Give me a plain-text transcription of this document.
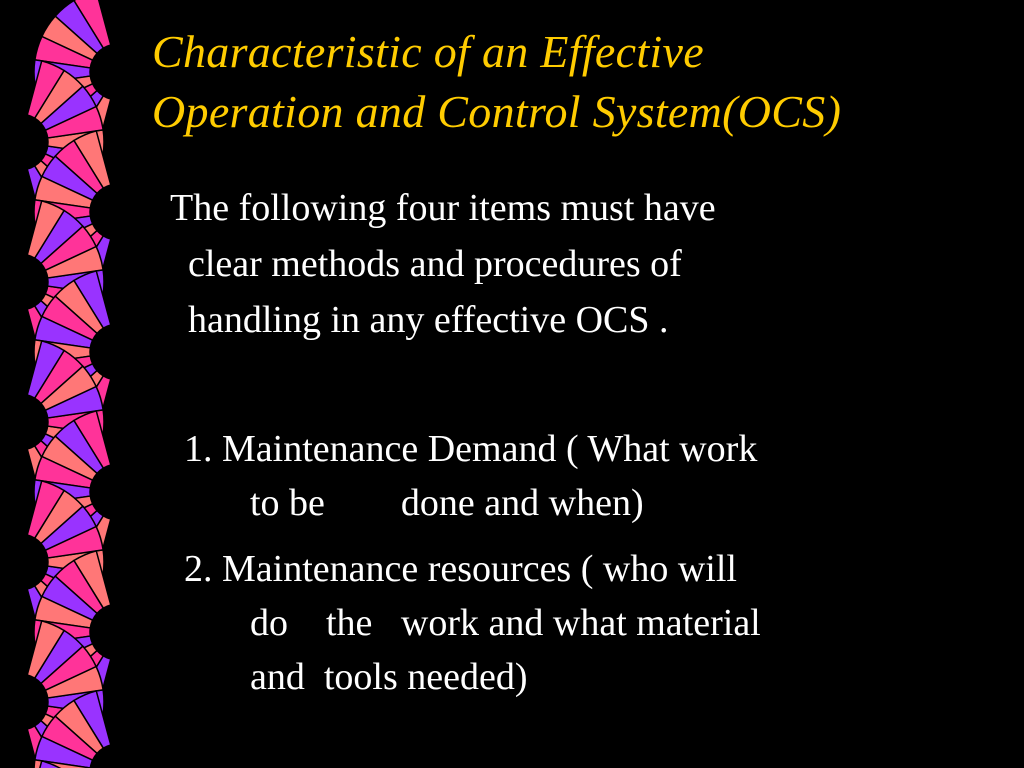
Characteristic of an Effective
Operation and Control System(OCS)

The following four items must have
clear methods and procedures of
handling in any effective OCS .

1. Maintenance Demand ( What work
to be        done and when)
2. Maintenance resources ( who will
do    the   work and what material
and  tools needed)
